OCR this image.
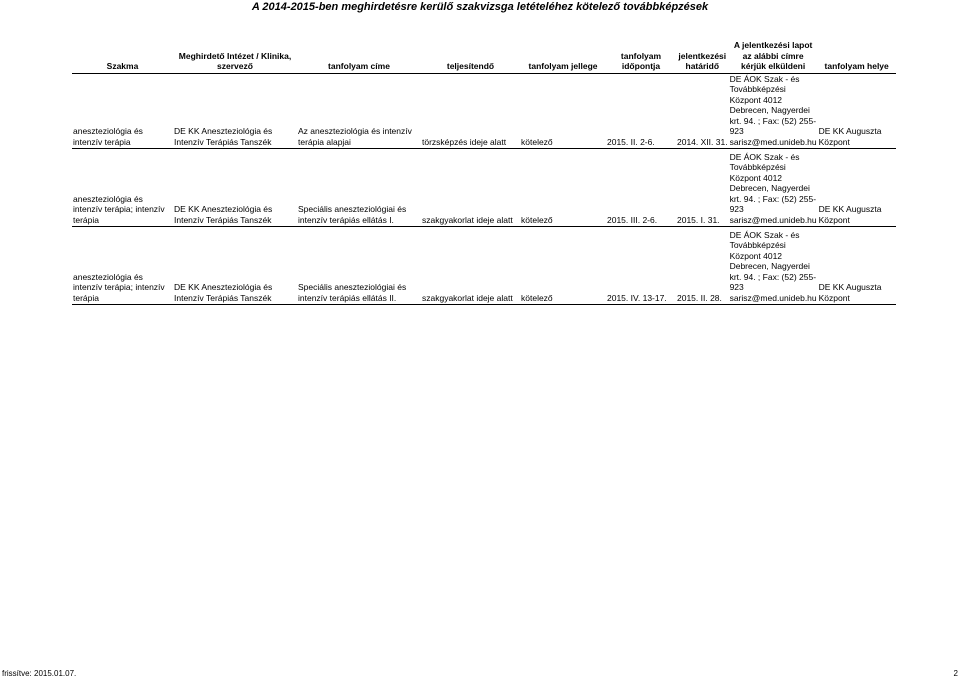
A 2014-2015-ben meghirdetésre kerülő szakvizsga letételéhez kötelező továbbképzések
Szakma	Meghirdető Intézet / Klinika, szervező	tanfolyam címe	teljesítendő	tanfolyam jellege	tanfolyam időpontja	jelentkezési határidő	A jelentkezési lapot az alábbi címre kérjük elküldeni	tanfolyam helye
aneszteziológia és intenzív terápia	DE KK Aneszteziológia és Intenzív Terápiás Tanszék	Az aneszteziológia és intenzív terápia alapjai	törzsképzés ideje alatt	kötelező	2015. II. 2-6.	2014. XII. 31.	DE ÁOK Szak - és Továbbképzési Központ 4012 Debrecen, Nagyerdei krt. 94. ; Fax: (52) 255-923 sarisz@med.unideb.hu	DE KK Auguszta Központ
aneszteziológia és intenzív terápia; intenzív terápia	DE KK Aneszteziológia és Intenzív Terápiás Tanszék	Speciális aneszteziológiai és intenzív terápiás ellátás I.	szakgyakorlat ideje alatt	kötelező	2015. III. 2-6.	2015. I. 31.	DE ÁOK Szak - és Továbbképzési Központ 4012 Debrecen, Nagyerdei krt. 94. ; Fax: (52) 255-923 sarisz@med.unideb.hu	DE KK Auguszta Központ
aneszteziológia és intenzív terápia; intenzív terápia	DE KK Aneszteziológia és Intenzív Terápiás Tanszék	Speciális aneszteziológiai és intenzív terápiás ellátás II.	szakgyakorlat ideje alatt	kötelező	2015. IV. 13-17.	2015. II. 28.	DE ÁOK Szak - és Továbbképzési Központ 4012 Debrecen, Nagyerdei krt. 94. ; Fax: (52) 255-923 sarisz@med.unideb.hu	DE KK Auguszta Központ
frissítve: 2015.01.07.	2
